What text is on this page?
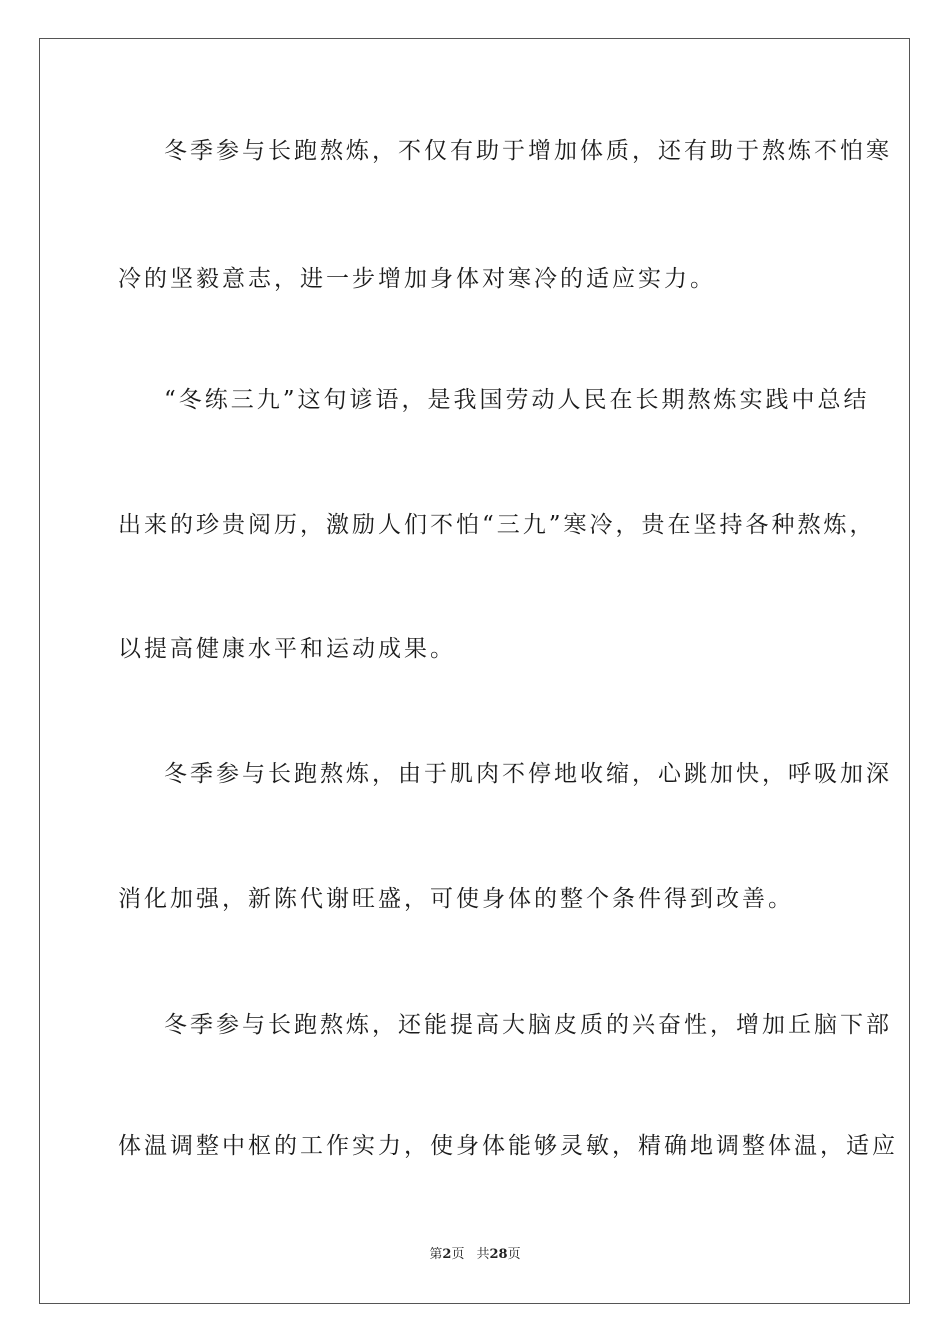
冬季参与长跑熬炼，不仅有助于增加体质，还有助于熬炼不怕寒
冷的坚毅意志，进一步增加身体对寒冷的适应实力。
“冬练三九”这句谚语，是我国劳动人民在长期熬炼实践中总结
出来的珍贵阅历，激励人们不怕“三九”寒冷，贵在坚持各种熬炼，
以提高健康水平和运动成果。
冬季参与长跑熬炼，由于肌肉不停地收缩，心跳加快，呼吸加深
消化加强，新陈代谢旺盛，可使身体的整个条件得到改善。
冬季参与长跑熬炼，还能提高大脑皮质的兴奋性，增加丘脑下部
体温调整中枢的工作实力，使身体能够灵敏，精确地调整体温，适应
第2页 共28页
